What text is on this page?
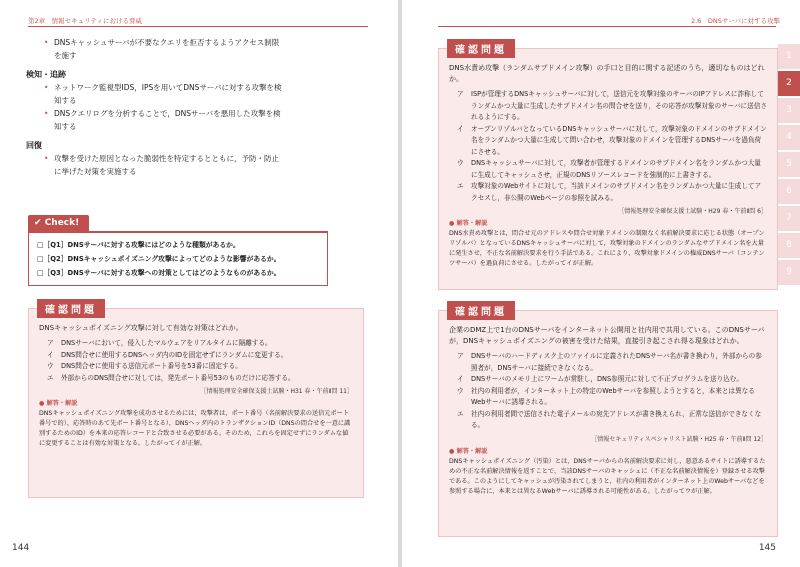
第2章　情報セキュリティにおける脅威
• DNSキャッシュサーバが不要なクエリを拒否するようアクセス制限を施す
検知・追跡
• ネットワーク監視型IDS，IPSを用いてDNSサーバに対する攻撃を検知する
• DNSクエリログを分析することで，DNSサーバを悪用した攻撃を検知する
回復
• 攻撃を受けた原因となった脆弱性を特定するとともに，予防・防止に挙げた対策を実施する
✔ Check!
□［Q1］DNSサーバに対する攻撃にはどのような種類があるか。
□［Q2］DNSキャッシュポイズニング攻撃によってどのような影響があるか。
□［Q3］DNSサーバに対する攻撃への対策としてはどのようなものがあるか。
確認問題
DNSキャッシュポイズニング攻撃に対して有効な対策はどれか。
ア	DNSサーバにおいて，侵入したマルウェアをリアルタイムに隔離する。
イ	DNS問合せに使用するDNSヘッダ内のIDを固定せずにランダムに変更する。
ウ	DNS問合せに使用する送信元ポート番号を53番に固定する。
エ	外部からのDNS問合せに対しては，発先ポート番号53のものだけに応答する。
［情報処理安全確保支援士試験・H31 春・午前Ⅱ問 11］
● 解答・解説
DNSキャッシュポイズニング攻撃を成功させるためには，攻撃者は，ポート番号（名前解決要求の送信元ポート番号で的），応答時のあて先ポート番号となる），DNSヘッダ内のトランザクションID（DNSの問合せを一意に識別するためのID）を本来の応答レコードと合致させる必要がある。そのため，これらを固定せずにランダムな値に変更することは有効な対策となる。したがってイが正解。
144
2.6　DNSサーバに対する攻撃
1
2
3
4
5
6
7
8
9
確認問題
DNS水責め攻撃（ランダムサブドメイン攻撃）の手口と目的に関する記述のうち，適切なものはどれか。
ア	ISPが管理するDNSキャッシュサーバに対して，送信元を攻撃対象のサーバのIPアドレスに詐称してランダムかつ大量に生成したサブドメイン名の問合せを送り，その応答が攻撃対象のサーバに送信されるようにする。
イ	オープンリゾルバとなっているDNSキャッシュサーバに対して，攻撃対象のドメインのサブドメイン名をランダムかつ大量に生成して問い合わせ，攻撃対象のドメインを管理するDNSサーバを過負荷にさせる。
ウ	DNSキャッシュサーバに対して，攻撃者が管理するドメインのサブドメイン名をランダムかつ大量に生成してキャッシュさせ，正規のDNSリソースレコードを強制的に上書きする。
エ	攻撃対象のWebサイトに対して，当該ドメインのサブドメイン名をランダムかつ大量に生成してアクセスし，非公開のWebページの参照を試みる。
［情報処理安全確保支援士試験・H29 春・午前Ⅱ問 6］
● 解答・解説
DNS水責め攻撃とは，問合せ元のアドレスや問合せ対象ドメインの制限なく名前解決要求に応じる状態（オープンリゾルバ）となっているDNSキャッシュサーバに対して，攻撃対象のドメインのランダムなサブドメイン名を大量に発生させ，不正な名前解決要求を行う手法である。これにより，攻撃対象ドメインの権威DNSサーバ（コンテンツサーバ）を過負荷にさせる。したがってイが正解。
確認問題
企業のDMZ上で1台のDNSサーバをインターネット公開用と社内用で共用している。このDNSサーバが，DNSキャッシュポイズニングの被害を受けた結果，直接引き起こされ得る現象はどれか。
ア	DNSサーバのハードディスク上のファイルに定義されたDNSサーバ名が書き換わり，外部からの参照者が，DNSサーバに接続できなくなる。
イ	DNSサーバのメモリ上にワームが常駐し，DNS参照元に対して不正プログラムを送り込む。
ウ	社内の利用者が，インターネット上の特定のWebサーバを参照しようとすると，本来とは異なるWebサーバに誘導される。
エ	社内の利用者間で送信された電子メールの宛先アドレスが書き換えられ，正常な送信ができなくなる。
［情報セキュリティスペシャリスト試験・H25 春・午前Ⅱ問 12］
● 解答・解説
DNSキャッシュポイズニング（汚染）とは，DNSサーバからの名前解決要求に対し，悪意あるサイトに誘導するための不正な名前解決情報を返すことで，当該DNSサーバのキャッシュに（不正な名前解決情報を）登録させる攻撃である。このようにしてキャッシュが汚染されてしまうと，社内の利用者がインターネット上のWebサーバなどを参照する場合に，本来とは異なるWebサーバに誘導される可能性がある。したがってウが正解。
145
